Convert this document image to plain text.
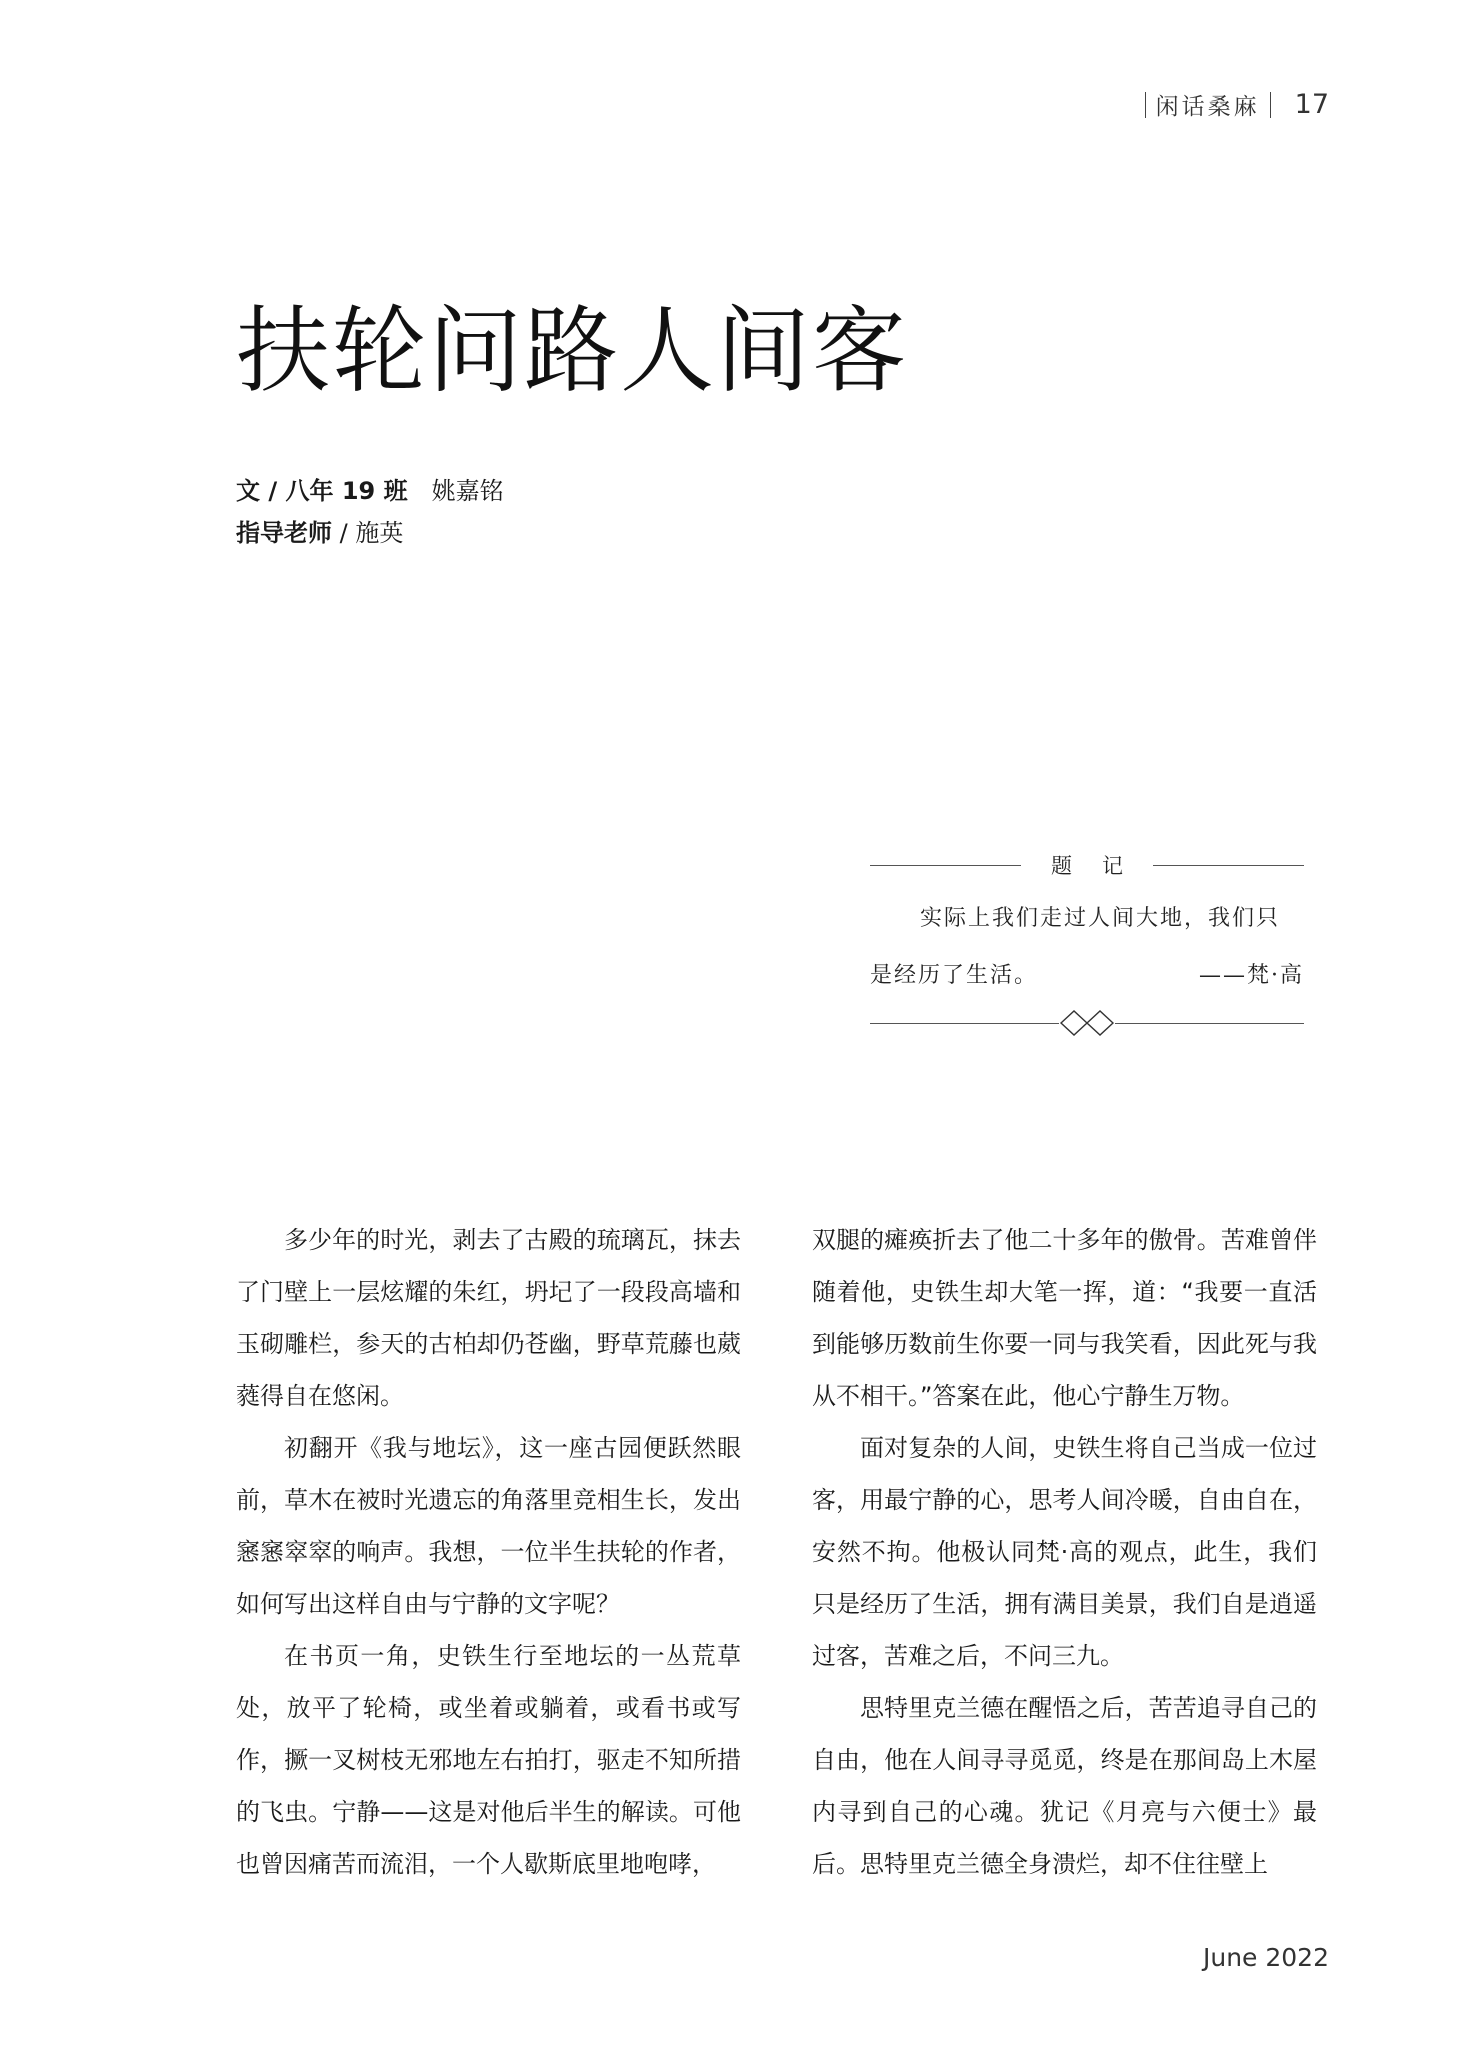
闲话桑麻 17
扶轮问路人间客
文 / 八年 19 班 姚嘉铭
指导老师 / 施英
题记
实际上我们走过人间大地，我们只
是经历了生活。	——梵·高

多少年的时光，剥去了古殿的琉璃瓦，抹去了门壁上一层炫耀的朱红，坍圮了一段段高墙和玉砌雕栏，参天的古柏却仍苍幽，野草荒藤也葳蕤得自在悠闲。

初翻开《我与地坛》，这一座古园便跃然眼前，草木在被时光遗忘的角落里竞相生长，发出窸窸窣窣的响声。我想，一位半生扶轮的作者，如何写出这样自由与宁静的文字呢？

在书页一角，史铁生行至地坛的一丛荒草处，放平了轮椅，或坐着或躺着，或看书或写作，撅一叉树枝无邪地左右拍打，驱走不知所措的飞虫。宁静——这是对他后半生的解读。可他也曾因痛苦而流泪，一个人歇斯底里地咆哮，

双腿的瘫痪折去了他二十多年的傲骨。苦难曾伴随着他，史铁生却大笔一挥，道：“我要一直活到能够历数前生你要一同与我笑看，因此死与我从不相干。”答案在此，他心宁静生万物。

面对复杂的人间，史铁生将自己当成一位过客，用最宁静的心，思考人间冷暖，自由自在，安然不拘。他极认同梵·高的观点，此生，我们只是经历了生活，拥有满目美景，我们自是逍遥过客，苦难之后，不问三九。

思特里克兰德在醒悟之后，苦苦追寻自己的自由，他在人间寻寻觅觅，终是在那间岛上木屋内寻到自己的心魂。犹记《月亮与六便士》最后。思特里克兰德全身溃烂，却不住往壁上

June 2022
